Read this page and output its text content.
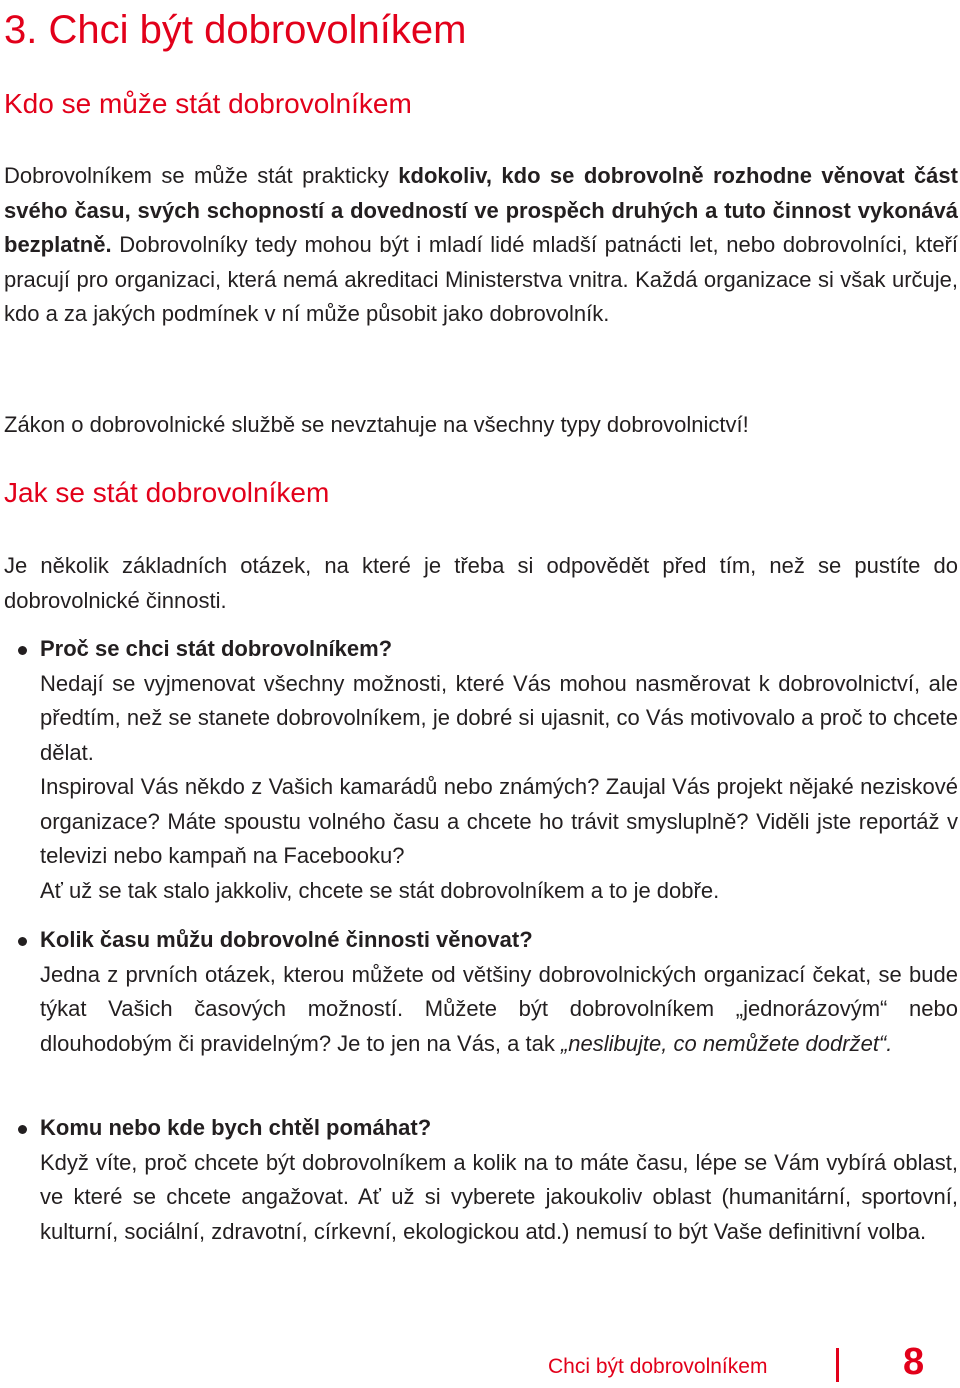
3. Chci být dobrovolníkem
Kdo se může stát dobrovolníkem

Dobrovolníkem se může stát prakticky kdokoliv, kdo se dobrovolně rozhodne věnovat část svého času, svých schopností a dovedností ve prospěch druhých a tuto činnost vykonává bezplatně. Dobrovolníky tedy mohou být i mladí lidé mladší patnácti let, nebo dobrovolníci, kteří pracují pro organizaci, která nemá akreditaci Ministerstva vnitra. Každá organizace si však určuje, kdo a za jakých podmínek v ní může působit jako dobrovolník.

Zákon o dobrovolnické službě se nevztahuje na všechny typy dobrovolnictví!

Jak se stát dobrovolníkem

Je několik základních otázek, na které je třeba si odpovědět před tím, než se pustíte do dobrovolnické činnosti.

Proč se chci stát dobrovolníkem?

Nedají se vyjmenovat všechny možnosti, které Vás mohou nasměrovat k dobrovolnictví, ale předtím, než se stanete dobrovolníkem, je dobré si ujasnit, co Vás motivovalo a proč to chcete dělat.

Inspiroval Vás někdo z Vašich kamarádů nebo známých? Zaujal Vás projekt nějaké neziskové organizace? Máte spoustu volného času a chcete ho trávit smysluplně? Viděli jste reportáž v televizi nebo kampaň na Facebooku?

Ať už se tak stalo jakkoliv, chcete se stát dobrovolníkem a to je dobře.

Kolik času můžu dobrovolné činnosti věnovat?

Jedna z prvních otázek, kterou můžete od většiny dobrovolnických organizací čekat, se bude týkat Vašich časových možností. Můžete být dobrovolníkem „jednorázovým“ nebo dlouhodobým či pravidelným? Je to jen na Vás, a tak „neslibujte, co nemůžete dodržet“.

Komu nebo kde bych chtěl pomáhat?

Když víte, proč chcete být dobrovolníkem a kolik na to máte času, lépe se Vám vybírá oblast, ve které se chcete angažovat. Ať už si vyberete jakoukoliv oblast (humanitární, sportovní, kulturní, sociální, zdravotní, církevní, ekologickou atd.) nemusí to být Vaše definitivní volba.

Chci být dobrovolníkem	8
